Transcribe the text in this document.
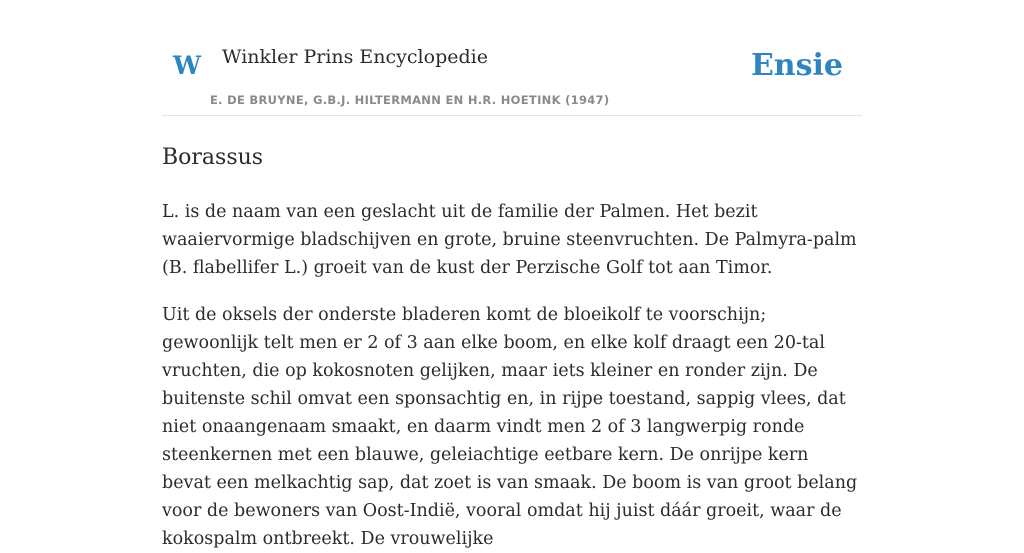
W Winkler Prins Encyclopedie
E. DE BRUYNE, G.B.J. HILTERMANN EN H.R. HOETINK (1947)
Ensie
Borassus

L. is de naam van een geslacht uit de familie der Palmen. Het bezit waaiervormige bladschijven en grote, bruine steenvruchten. De Palmyra-palm (B. flabellifer L.) groeit van de kust der Perzische Golf tot aan Timor.

Uit de oksels der onderste bladeren komt de bloeikolf te voorschijn; gewoonlijk telt men er 2 of 3 aan elke boom, en elke kolf draagt een 20-tal vruchten, die op kokosnoten gelijken, maar iets kleiner en ronder zijn. De buitenste schil omvat een sponsachtig en, in rijpe toestand, sappig vlees, dat niet onaangenaam smaakt, en daarm vindt men 2 of 3 langwerpig ronde steenkernen met een blauwe, geleiachtige eetbare kern. De onrijpe kern bevat een melkachtig sap, dat zoet is van smaak. De boom is van groot belang voor de bewoners van Oost-Indië, vooral omdat hij juist dáár groeit, waar de kokospalm ontbreekt. De vrouwelijke
